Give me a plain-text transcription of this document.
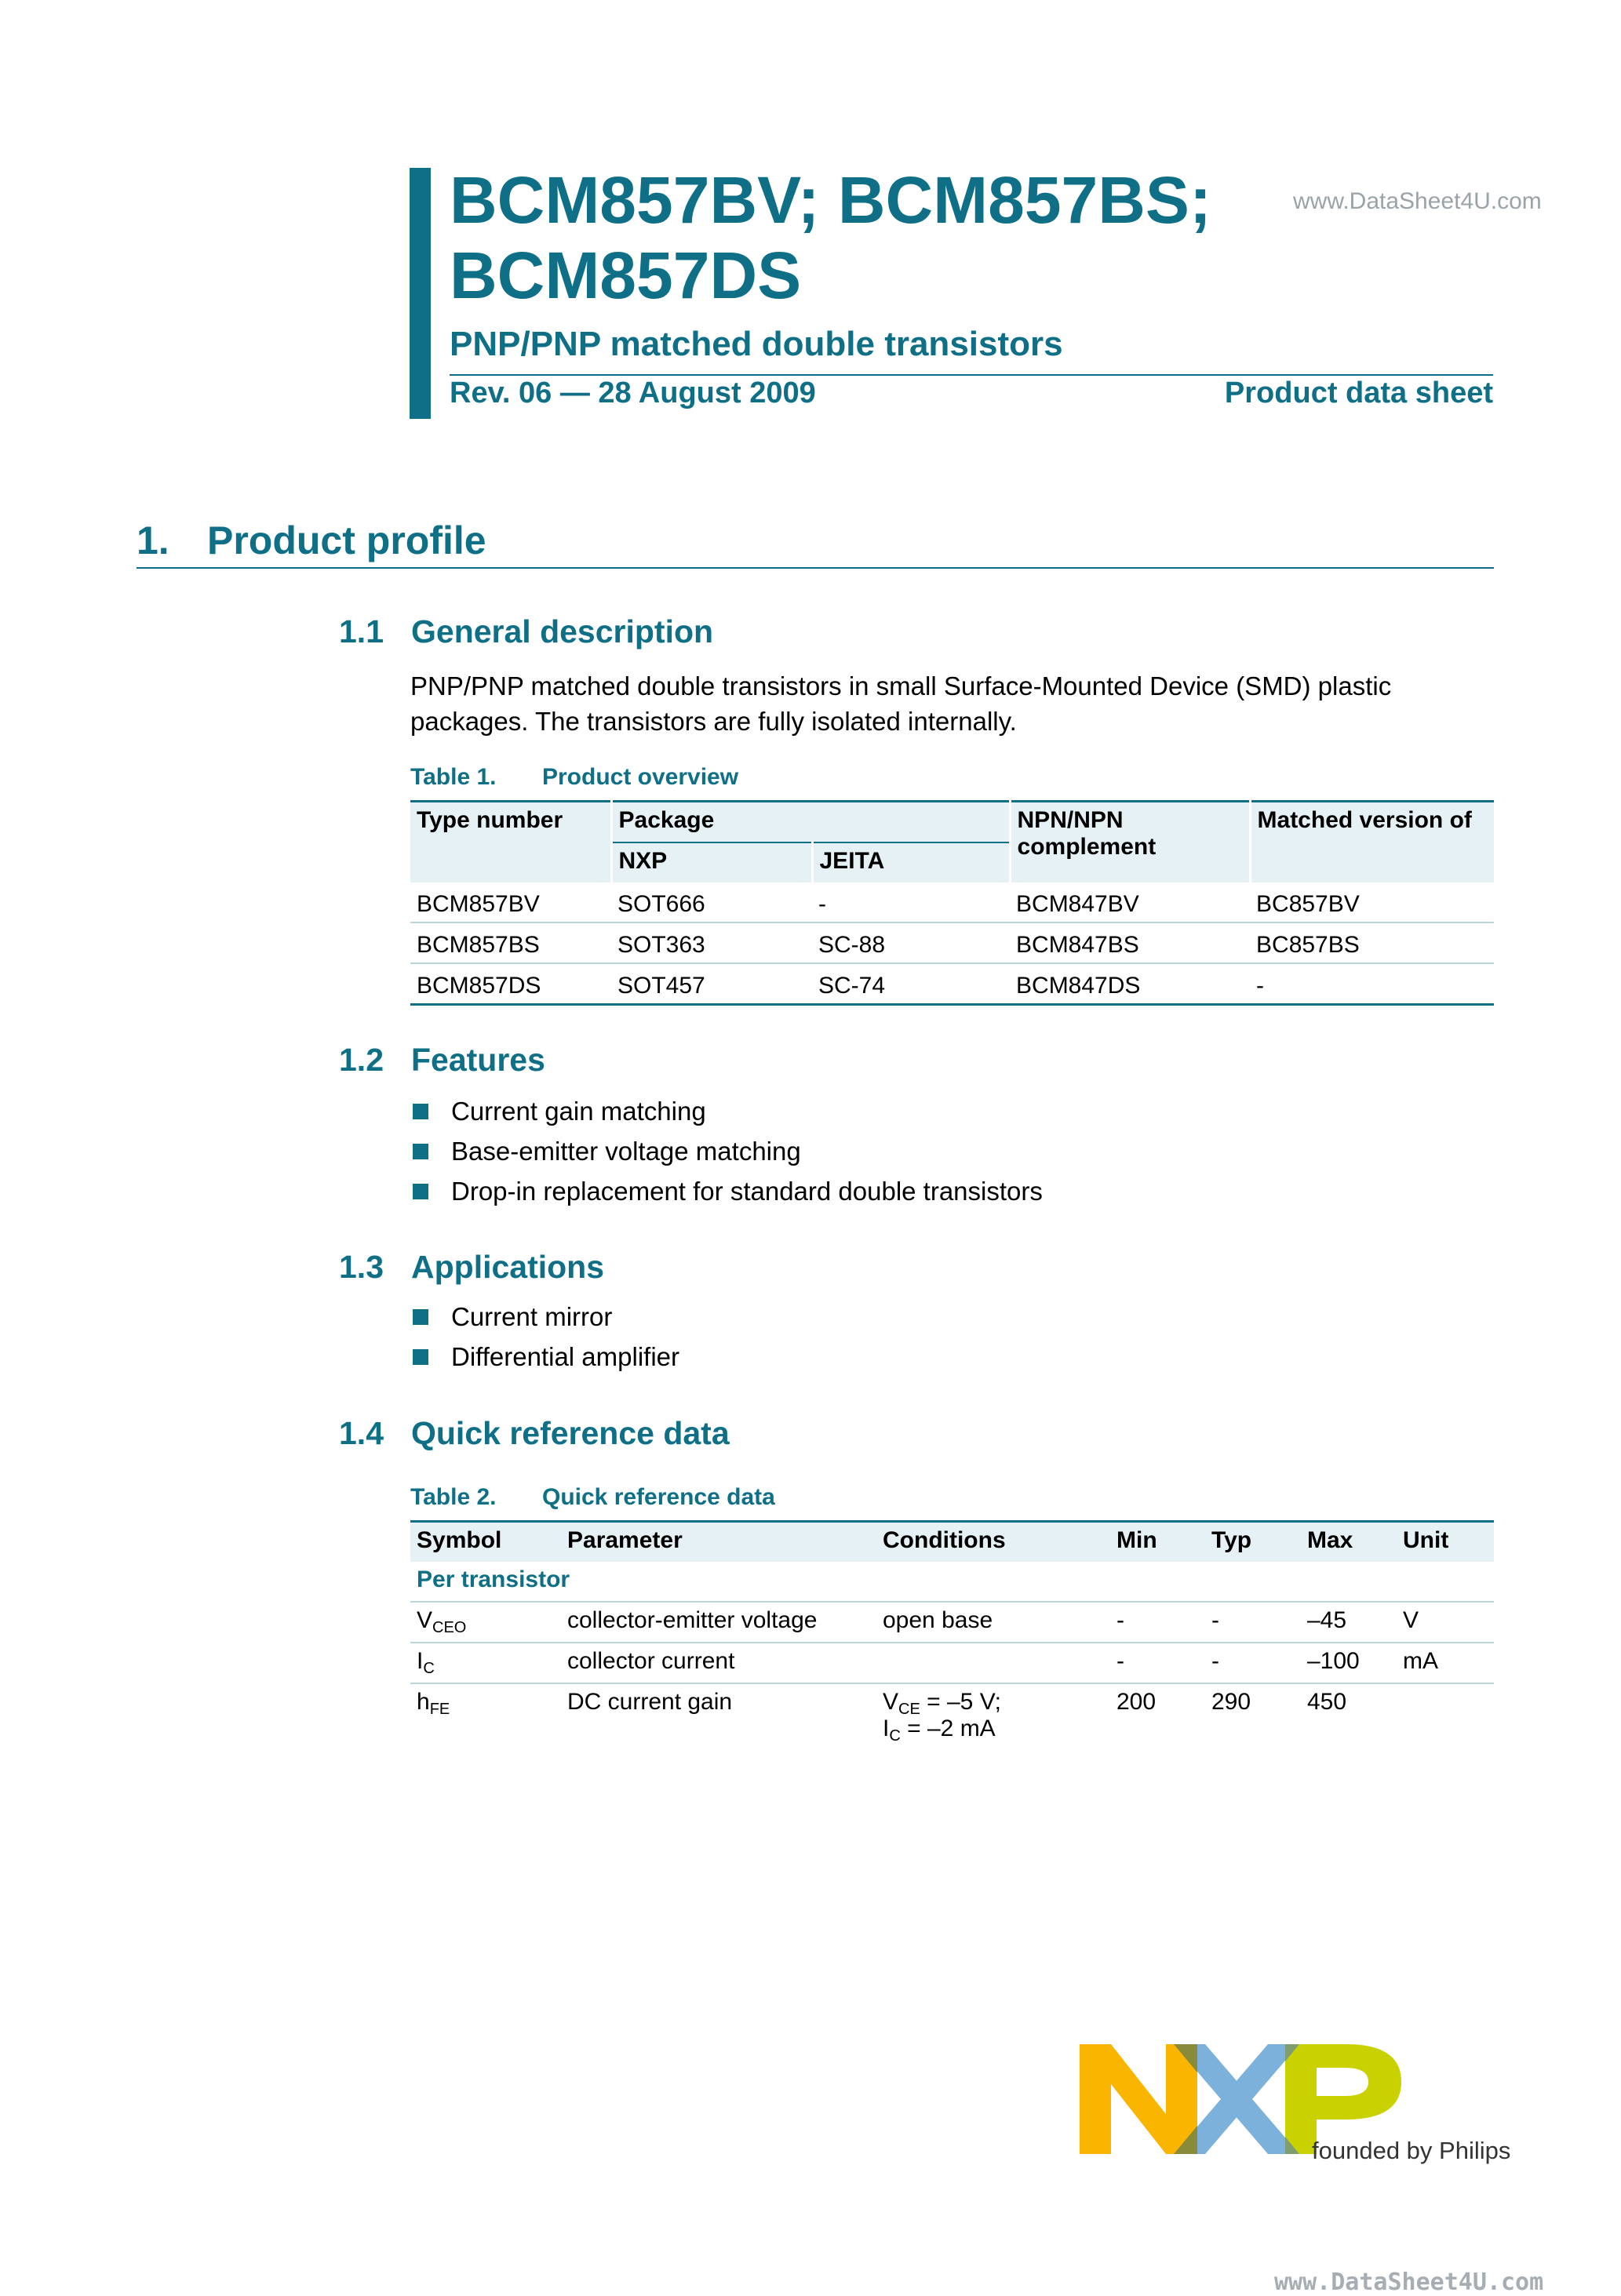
BCM857BV; BCM857BS;
BCM857DS
www.DataSheet4U.com
PNP/PNP matched double transistors
Rev. 06 — 28 August 2009	Product data sheet
1. Product profile
1.1 General description
PNP/PNP matched double transistors in small Surface-Mounted Device (SMD) plastic packages. The transistors are fully isolated internally.
Table 1. Product overview
Type number	Package		NPN/NPN complement	Matched version of
	NXP	JEITA		
BCM857BV	SOT666	-	BCM847BV	BC857BV
BCM857BS	SOT363	SC-88	BCM847BS	BC857BS
BCM857DS	SOT457	SC-74	BCM847DS	-
1.2 Features
Current gain matching
Base-emitter voltage matching
Drop-in replacement for standard double transistors
1.3 Applications
Current mirror
Differential amplifier
1.4 Quick reference data
Table 2. Quick reference data
Symbol	Parameter	Conditions	Min	Typ	Max	Unit
Per transistor						
$V_{CEO}$	collector-emitter voltage	open base	-	-	–45	V
$I_C$	collector current		-	-	–100	mA
$h_{FE}$	DC current gain	$V_{CE} = -5$ V;
$I_C = -2$ mA	200	290	450	
founded by Philips
www.DataSheet4U.com
